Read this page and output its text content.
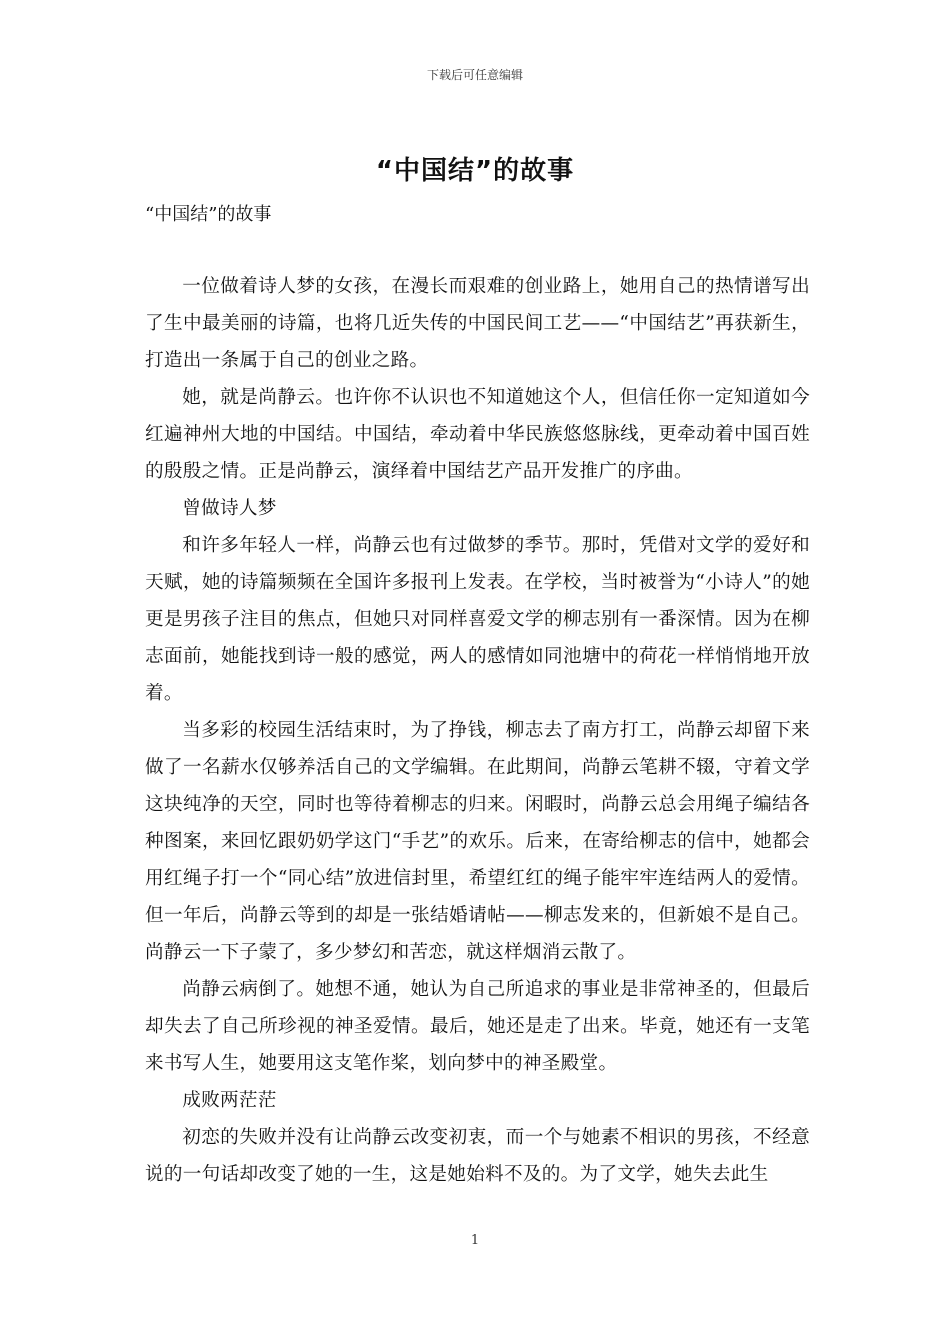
下载后可任意编辑
“中国结”的故事
“中国结”的故事

一位做着诗人梦的女孩，在漫长而艰难的创业路上，她用自己的热情谱写出了生中最美丽的诗篇，也将几近失传的中国民间工艺——“中国结艺”再获新生，打造出一条属于自己的创业之路。

她，就是尚静云。也许你不认识也不知道她这个人，但信任你一定知道如今红遍神州大地的中国结。中国结，牵动着中华民族悠悠脉线，更牵动着中国百姓的殷殷之情。正是尚静云，演绎着中国结艺产品开发推广的序曲。

曾做诗人梦

和许多年轻人一样，尚静云也有过做梦的季节。那时，凭借对文学的爱好和天赋，她的诗篇频频在全国许多报刊上发表。在学校，当时被誉为“小诗人”的她更是男孩子注目的焦点，但她只对同样喜爱文学的柳志别有一番深情。因为在柳志面前，她能找到诗一般的感觉，两人的感情如同池塘中的荷花一样悄悄地开放着。

当多彩的校园生活结束时，为了挣钱，柳志去了南方打工，尚静云却留下来做了一名薪水仅够养活自己的文学编辑。在此期间，尚静云笔耕不辍，守着文学这块纯净的天空，同时也等待着柳志的归来。闲暇时，尚静云总会用绳子编结各种图案，来回忆跟奶奶学这门“手艺”的欢乐。后来，在寄给柳志的信中，她都会用红绳子打一个“同心结”放进信封里，希望红红的绳子能牢牢连结两人的爱情。但一年后，尚静云等到的却是一张结婚请帖——柳志发来的，但新娘不是自己。尚静云一下子蒙了，多少梦幻和苦恋，就这样烟消云散了。

尚静云病倒了。她想不通，她认为自己所追求的事业是非常神圣的，但最后却失去了自己所珍视的神圣爱情。最后，她还是走了出来。毕竟，她还有一支笔来书写人生，她要用这支笔作桨，划向梦中的神圣殿堂。

成败两茫茫

初恋的失败并没有让尚静云改变初衷，而一个与她素不相识的男孩，不经意说的一句话却改变了她的一生，这是她始料不及的。为了文学，她失去此生

1
